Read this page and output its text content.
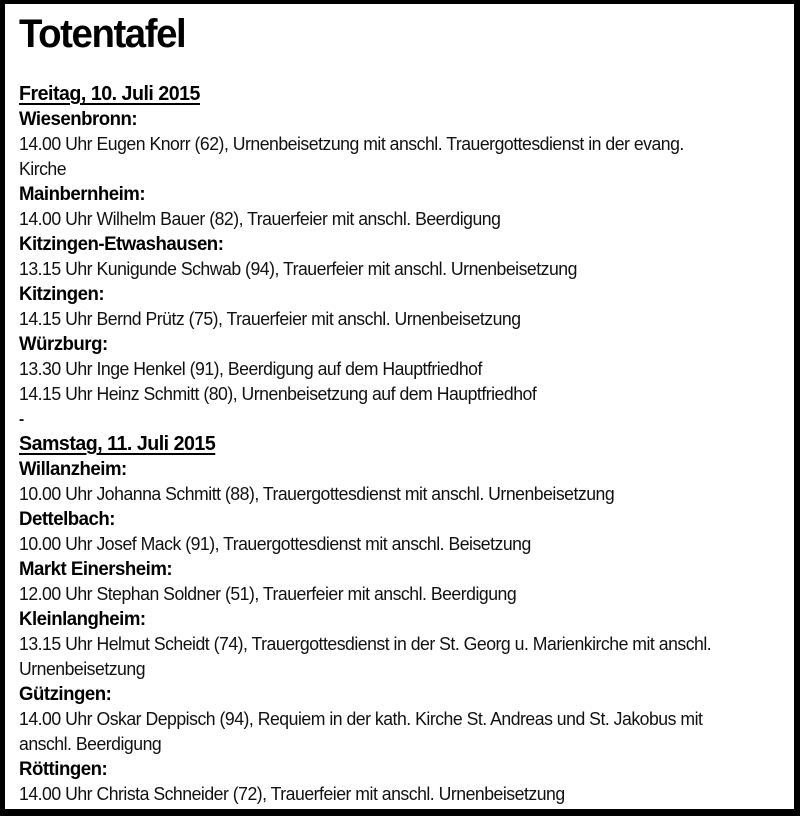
Totentafel
Freitag, 10. Juli 2015
Wiesenbronn:
14.00 Uhr Eugen Knorr (62), Urnenbeisetzung mit anschl. Trauergottesdienst in der evang.
Kirche
Mainbernheim:
14.00 Uhr Wilhelm Bauer (82), Trauerfeier mit anschl. Beerdigung
Kitzingen-Etwashausen:
13.15 Uhr Kunigunde Schwab (94), Trauerfeier mit anschl. Urnenbeisetzung
Kitzingen:
14.15 Uhr Bernd Prütz (75), Trauerfeier mit anschl. Urnenbeisetzung
Würzburg:
13.30 Uhr Inge Henkel (91), Beerdigung auf dem Hauptfriedhof
14.15 Uhr Heinz Schmitt (80), Urnenbeisetzung auf dem Hauptfriedhof
-
Samstag, 11. Juli 2015
Willanzheim:
10.00 Uhr Johanna Schmitt (88), Trauergottesdienst mit anschl. Urnenbeisetzung
Dettelbach:
10.00 Uhr Josef Mack (91), Trauergottesdienst mit anschl. Beisetzung
Markt Einersheim:
12.00 Uhr Stephan Soldner (51), Trauerfeier mit anschl. Beerdigung
Kleinlangheim:
13.15 Uhr Helmut Scheidt (74), Trauergottesdienst in der St. Georg u. Marienkirche mit anschl.
Urnenbeisetzung
Gützingen:
14.00 Uhr Oskar Deppisch (94), Requiem in der kath. Kirche St. Andreas und St. Jakobus mit
anschl. Beerdigung
Röttingen:
14.00 Uhr Christa Schneider (72), Trauerfeier mit anschl. Urnenbeisetzung
